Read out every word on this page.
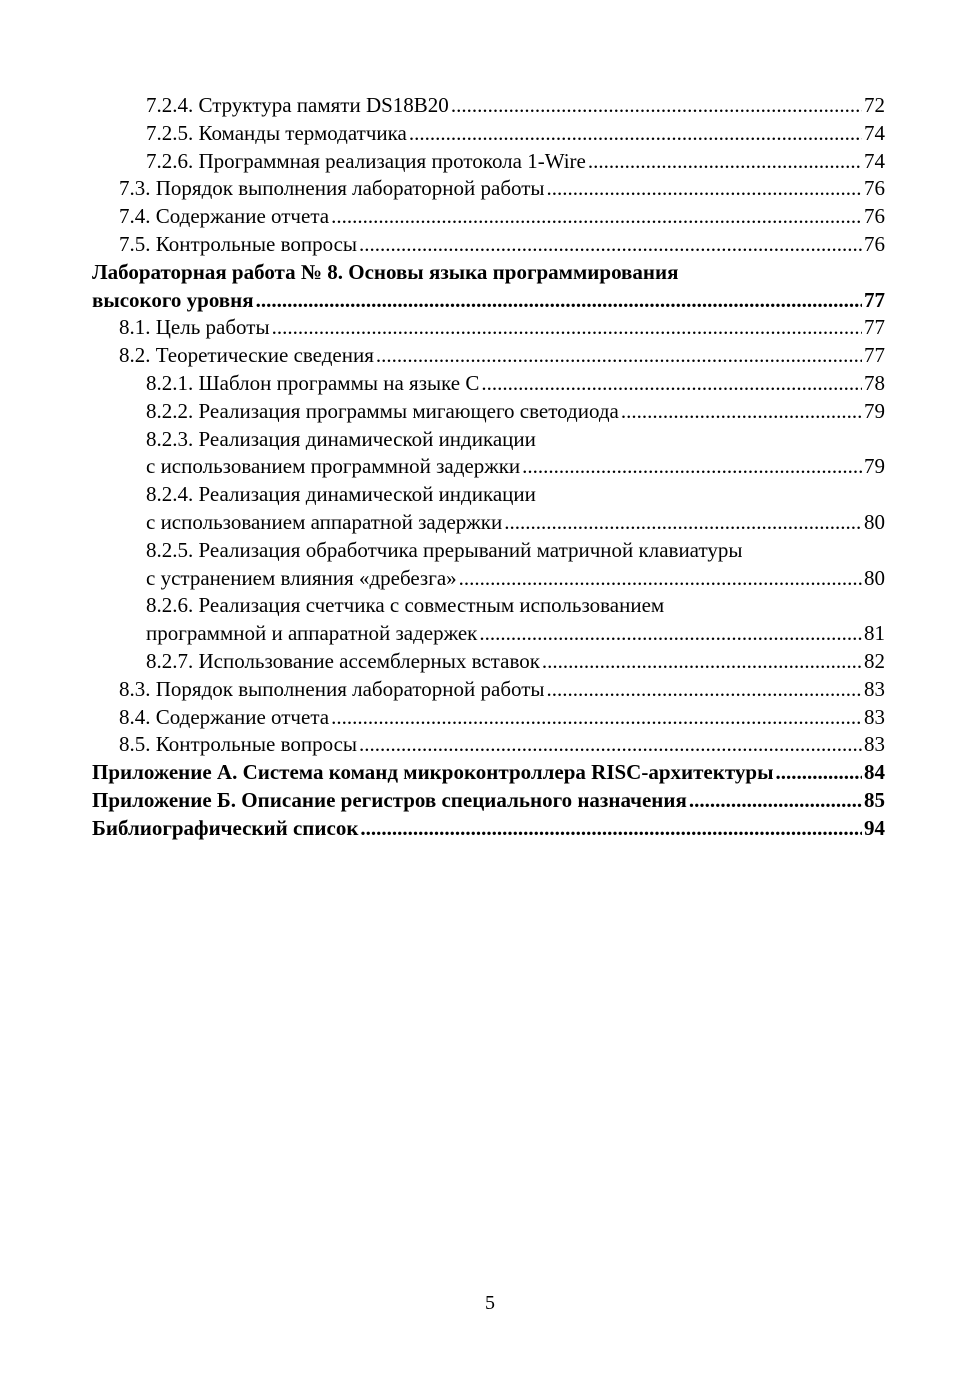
7.2.4. Структура памяти DS18B20 .....	72
7.2.5. Команды термодатчика .....	74
7.2.6. Программная реализация протокола 1-Wire .....	74
7.3. Порядок выполнения лабораторной работы .....	76
7.4. Содержание отчета .....	76
7.5. Контрольные вопросы .....	76
Лабораторная работа № 8. Основы языка программирования
высокого уровня .....	77
8.1. Цель работы .....	77
8.2. Теоретические сведения .....	77
8.2.1. Шаблон программы на языке С .....	78
8.2.2. Реализация программы мигающего светодиода .....	79
8.2.3. Реализация динамической индикации
с использованием программной задержки .....	79
8.2.4. Реализация динамической индикации
с использованием аппаратной задержки .....	80
8.2.5. Реализация обработчика прерываний матричной клавиатуры
с устранением влияния «дребезга» .....	80
8.2.6. Реализация счетчика с совместным использованием
программной и аппаратной задержек .....	81
8.2.7. Использование ассемблерных вставок .....	82
8.3. Порядок выполнения лабораторной работы .....	83
8.4. Содержание отчета .....	83
8.5. Контрольные вопросы .....	83
Приложение А. Система команд микроконтроллера RISC-архитектуры .....	84
Приложение Б. Описание регистров специального назначения .....	85
Библиографический список .....	94
5
